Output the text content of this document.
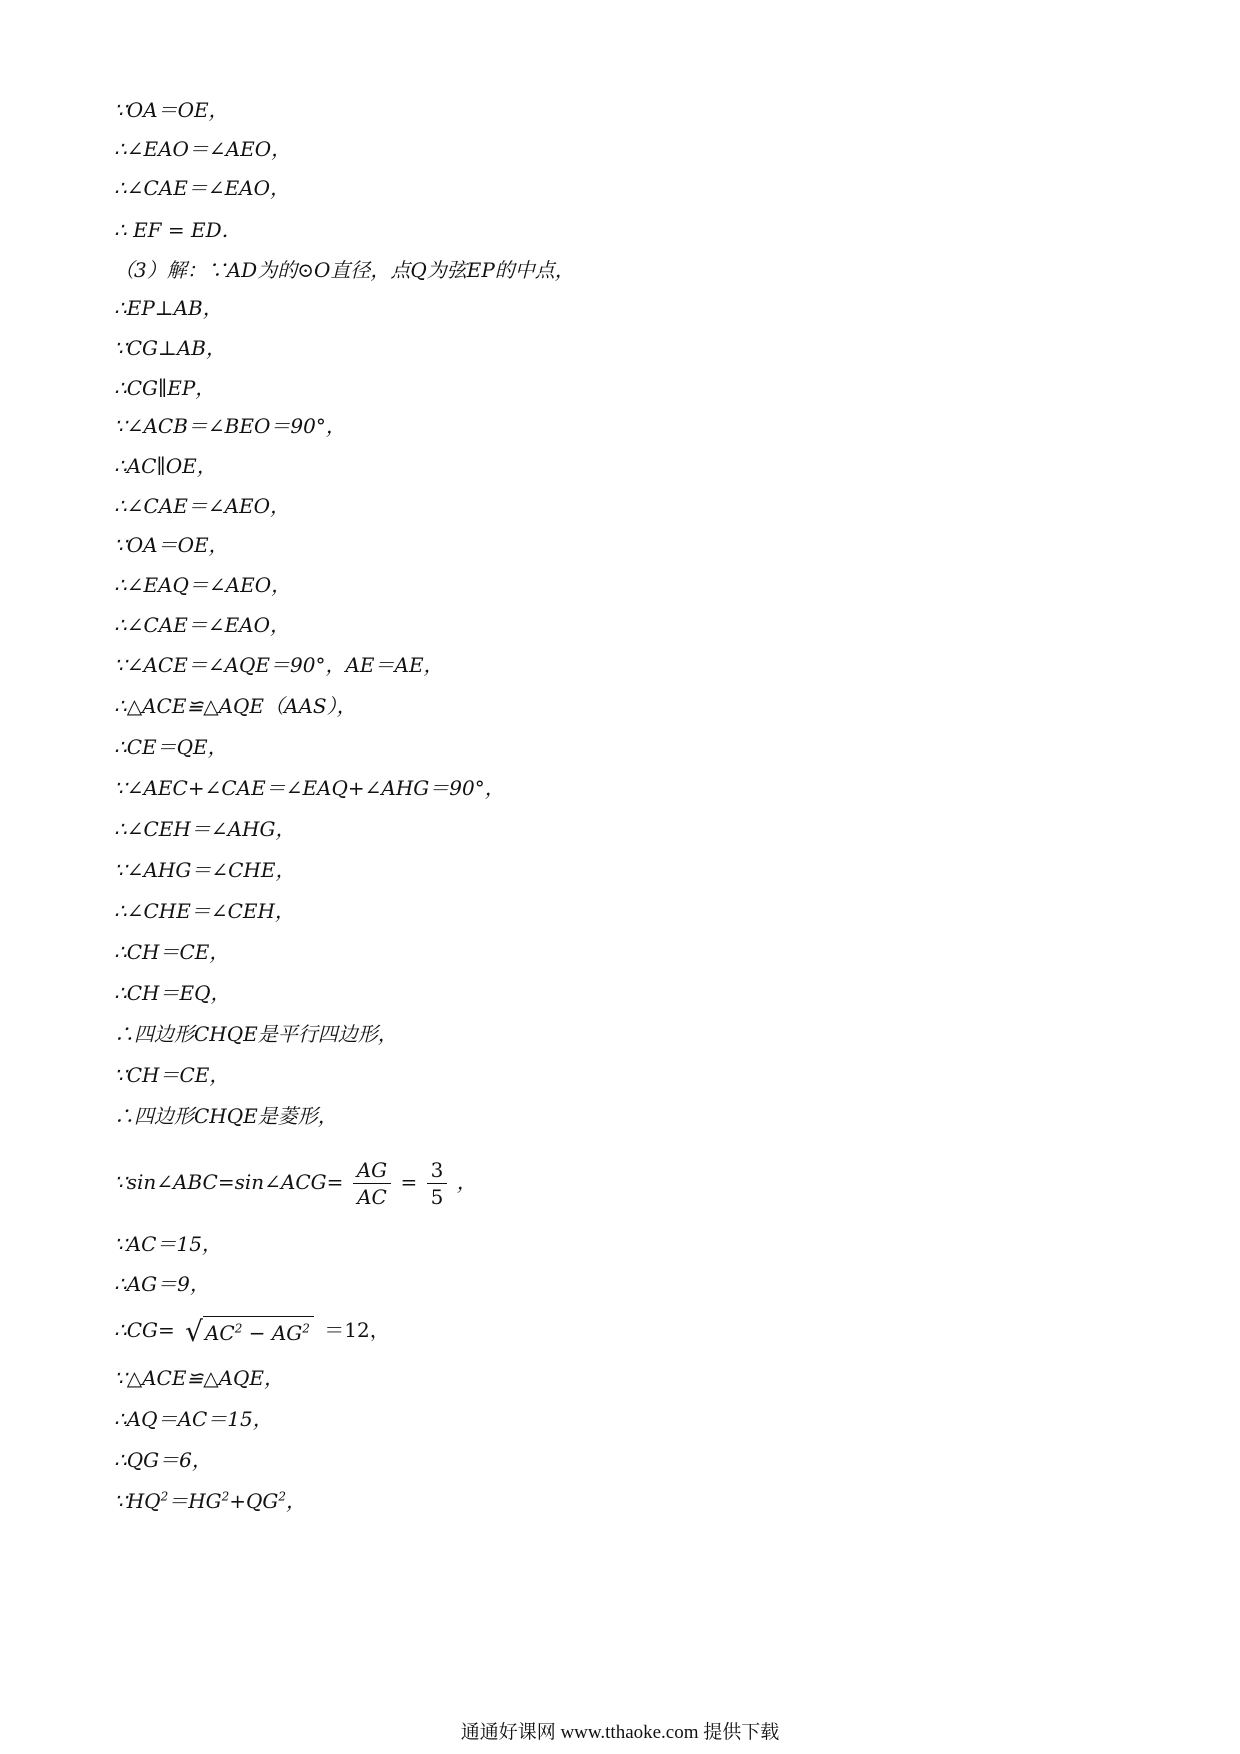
∵OA＝OE，
∴∠EAO＝∠AEO，
∴∠CAE＝∠EAO，
∴ EF = ED．
（3）解：∵AD为的⊙O直径，点Q为弦EP的中点，
∴EP⊥AB，
∵CG⊥AB，
∴CG∥EP，
∵∠ACB＝∠BEO＝90°，
∴AC∥OE，
∴∠CAE＝∠AEO，
∵OA＝OE，
∴∠EAQ＝∠AEO，
∴∠CAE＝∠EAO，
∵∠ACE＝∠AQE＝90°，AE＝AE，
∴△ACE≌△AQE（AAS），
∴CE＝QE，
∵∠AEC+∠CAE＝∠EAQ+∠AHG＝90°，
∴∠CEH＝∠AHG，
∵∠AHG＝∠CHE，
∴∠CHE＝∠CEH，
∴CH＝CE，
∴CH＝EQ，
∴四边形CHQE是平行四边形，
∵CH＝CE，
∴四边形CHQE是菱形，
∵sin∠ABC=sin∠ACG= $\frac{AG}{AC} = \frac{3}{5}$ ，
∵AC＝15，
∴AG＝9，
∴CG= √ $AC^2 - AG^2 =12$，
∵△ACE≌△AQE，
∴AQ＝AC＝15，
∴QG＝6，
$\because HQ^2=HG^2+QG^2$，
通通好课网 www.tthaoke.com 提供下载
